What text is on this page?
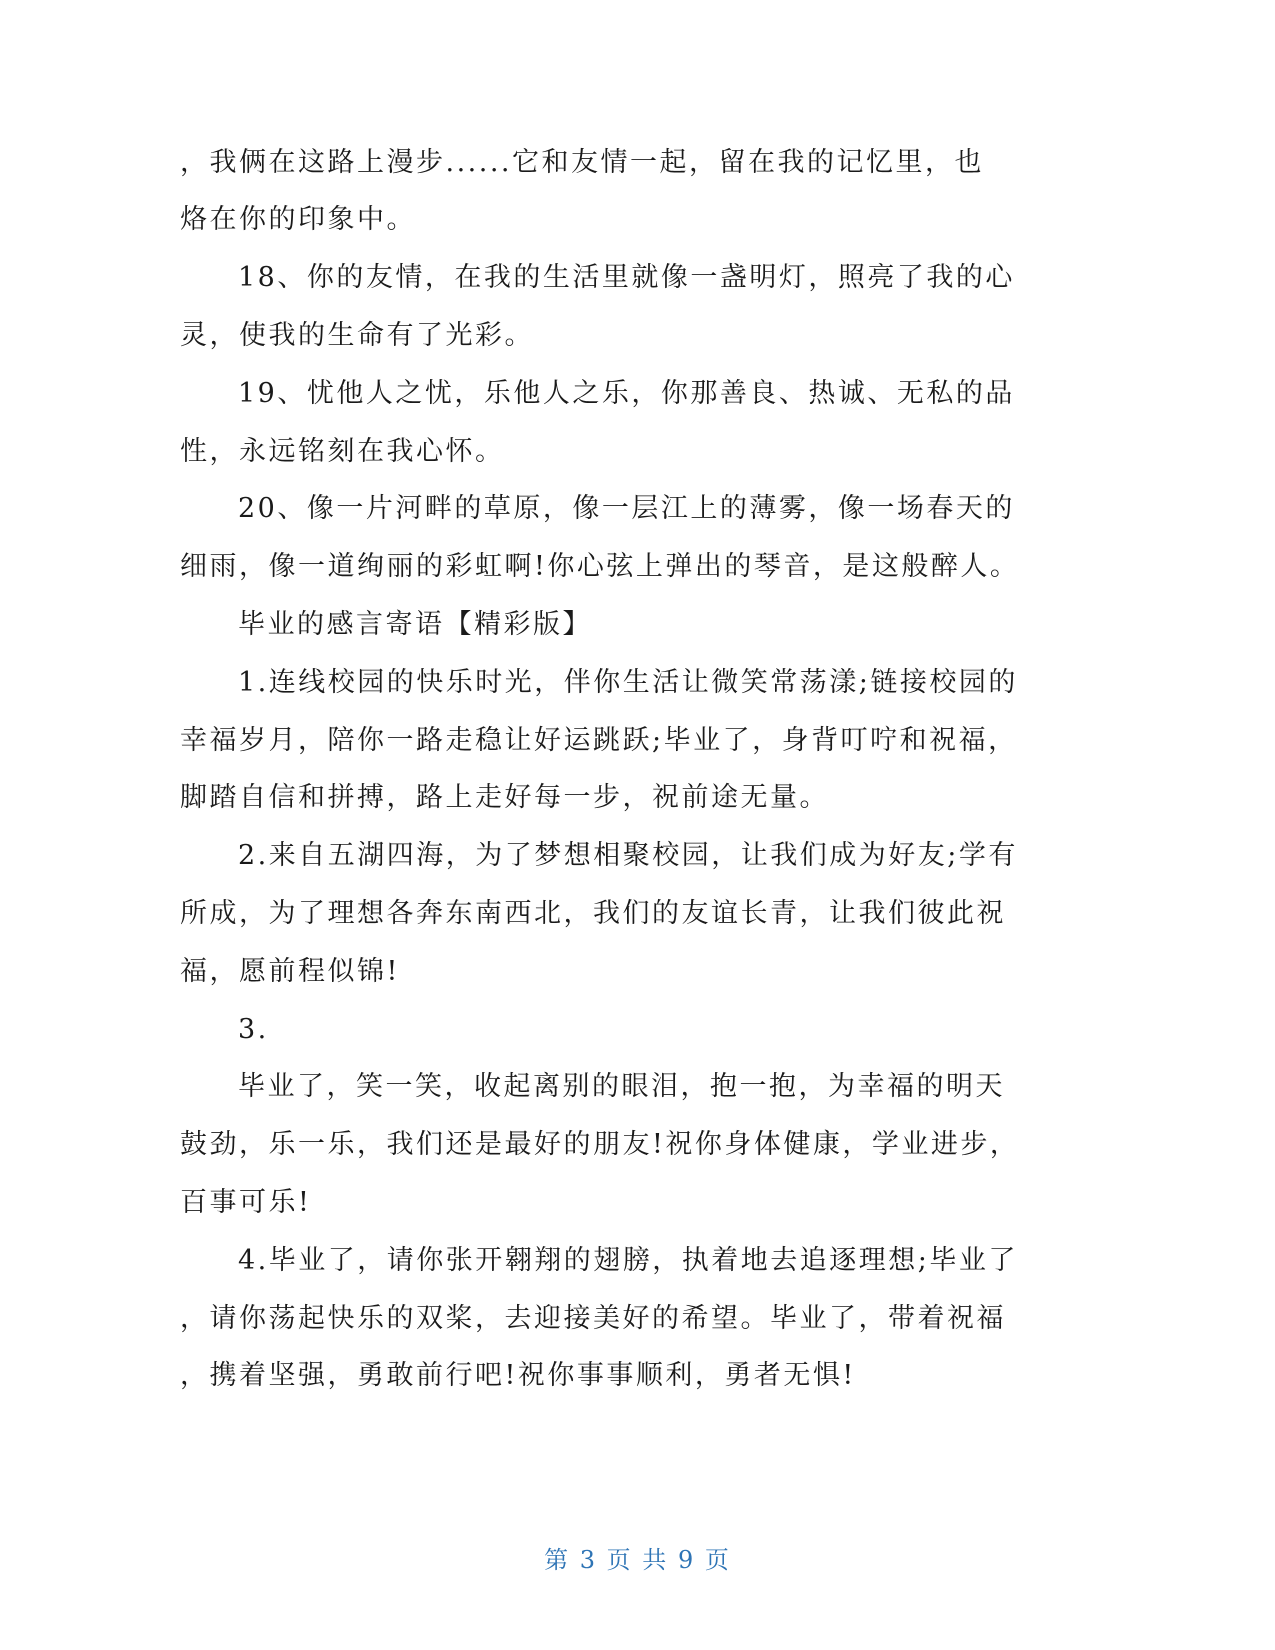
，我俩在这路上漫步......它和友情一起，留在我的记忆里，也
烙在你的印象中。
18、你的友情，在我的生活里就像一盏明灯，照亮了我的心
灵，使我的生命有了光彩。
19、忧他人之忧，乐他人之乐，你那善良、热诚、无私的品
性，永远铭刻在我心怀。
20、像一片河畔的草原，像一层江上的薄雾，像一场春天的
细雨，像一道绚丽的彩虹啊!你心弦上弹出的琴音，是这般醉人。
毕业的感言寄语【精彩版】
1.连线校园的快乐时光，伴你生活让微笑常荡漾;链接校园的
幸福岁月，陪你一路走稳让好运跳跃;毕业了，身背叮咛和祝福，
脚踏自信和拼搏，路上走好每一步，祝前途无量。
2.来自五湖四海，为了梦想相聚校园，让我们成为好友;学有
所成，为了理想各奔东南西北，我们的友谊长青，让我们彼此祝
福，愿前程似锦!
3.
毕业了，笑一笑，收起离别的眼泪，抱一抱，为幸福的明天
鼓劲，乐一乐，我们还是最好的朋友!祝你身体健康，学业进步，
百事可乐!
4.毕业了，请你张开翱翔的翅膀，执着地去追逐理想;毕业了
，请你荡起快乐的双桨，去迎接美好的希望。毕业了，带着祝福
，携着坚强，勇敢前行吧!祝你事事顺利，勇者无惧!
第 3 页 共 9 页
